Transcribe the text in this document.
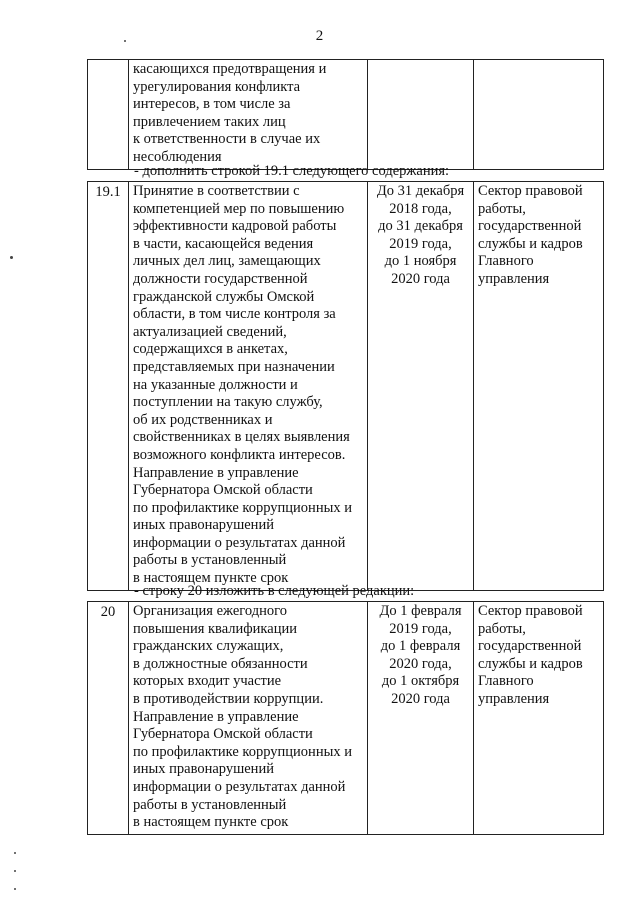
2
	касающихся предотвращения и
урегулирования конфликта
интересов, в том числе за
привлечением таких лиц
к ответственности в случае их
несоблюдения		
- дополнить строкой 19.1 следующего содержания:
19.1	Принятие в соответствии с
компетенцией мер по повышению
эффективности кадровой работы
в части, касающейся ведения
личных дел лиц, замещающих
должности государственной
гражданской службы Омской
области, в том числе контроля за
актуализацией сведений,
содержащихся в анкетах,
представляемых при назначении
на указанные должности и
поступлении на такую службу,
об их родственниках и
свойственниках в целях выявления
возможного конфликта интересов.
Направление в управление
Губернатора Омской области
по профилактике коррупционных и
иных правонарушений
информации о результатах данной
работы в установленный
в настоящем пункте срок	До 31 декабря
2018 года,
до 31 декабря
2019 года,
до 1 ноября
2020 года	Сектор правовой
работы,
государственной
службы и кадров
Главного
управления
- строку 20 изложить в следующей редакции:
20	Организация ежегодного
повышения квалификации
гражданских служащих,
в должностные обязанности
которых входит участие
в противодействии коррупции.
Направление в управление
Губернатора Омской области
по профилактике коррупционных и
иных правонарушений
информации о результатах данной
работы в установленный
в настоящем пункте срок	До 1 февраля
2019 года,
до 1 февраля
2020 года,
до 1 октября
2020 года	Сектор правовой
работы,
государственной
службы и кадров
Главного
управления
